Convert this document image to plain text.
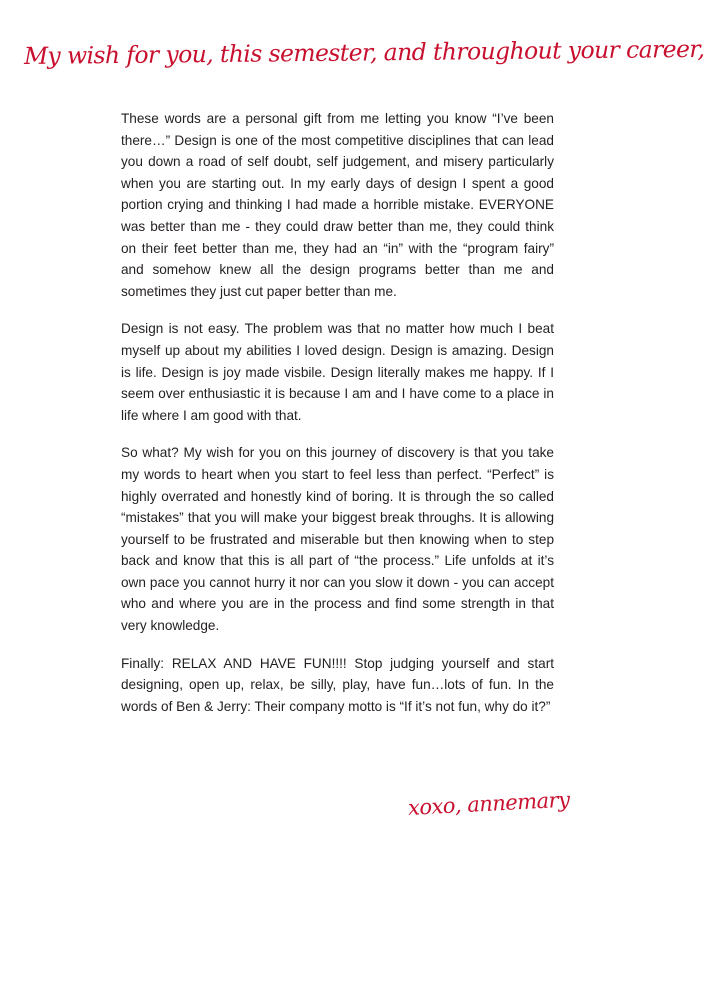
My wish for you, this semester, and throughout your career,

These words are a personal gift from me letting you know “I’ve been there…” Design is one of the most competitive disciplines that can lead you down a road of self doubt, self judgement, and misery particularly when you are starting out. In my early days of design I spent a good portion crying and thinking I had made a horrible mistake. EVERYONE was better than me - they could draw better than me, they could think on their feet better than me, they had an “in” with the “program fairy” and somehow knew all the design programs better than me and sometimes they just cut paper better than me.

Design is not easy. The problem was that no matter how much I beat myself up about my abilities I loved design. Design is amazing. Design is life. Design is joy made visbile. Design literally makes me happy. If I seem over enthusiastic it is because I am and I have come to a place in life where I am good with that.

So what? My wish for you on this journey of discovery is that you take my words to heart when you start to feel less than perfect. “Perfect” is highly overrated and honestly kind of boring. It is through the so called “mistakes” that you will make your biggest break throughs. It is allowing yourself to be frustrated and miserable but then knowing when to step back and know that this is all part of “the process.” Life unfolds at it’s own pace you cannot hurry it nor can you slow it down - you can accept who and where you are in the process and find some strength in that very knowledge.

Finally: RELAX AND HAVE FUN!!!! Stop judging yourself and start designing, open up, relax, be silly, play, have fun…lots of fun. In the words of Ben & Jerry: Their company motto is “If it’s not fun, why do it?”

xoxo, annemary
